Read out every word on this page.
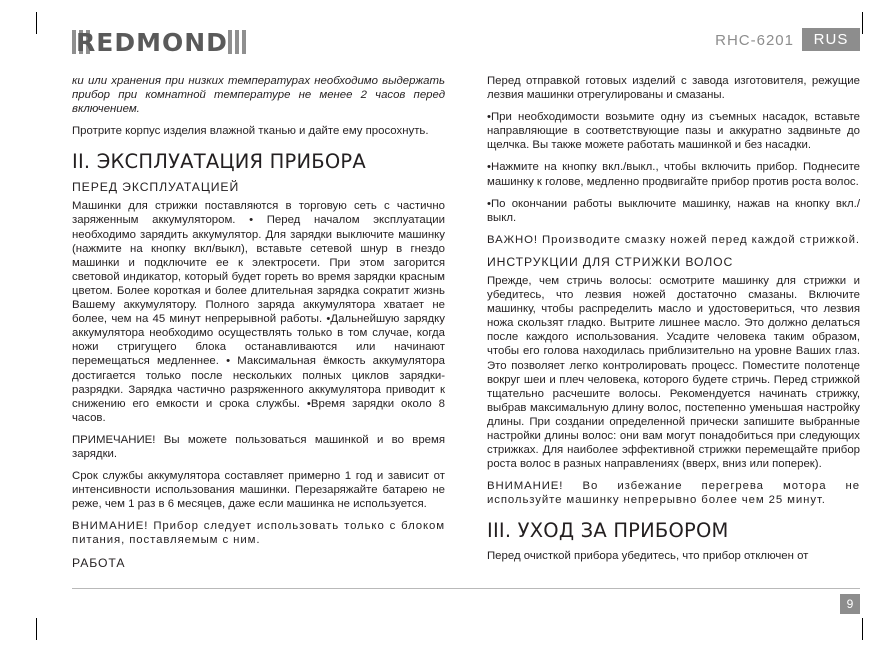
REDMOND	RHC-6201	RUS

ки или хранения при низких температурах необходимо выдержать прибор при комнатной температуре не менее 2 часов перед включением.

Протрите корпус изделия влажной тканью и дайте ему просохнуть.

II. ЭКСПЛУАТАЦИЯ ПРИБОРА
ПЕРЕД ЭКСПЛУАТАЦИЕЙ

Машинки для стрижки поставляются в торговую сеть с частично заряженным аккумулятором. • Перед началом эксплуатации необходимо зарядить аккумулятор. Для зарядки выключите машинку (нажмите на кнопку вкл/выкл), вставьте сетевой шнур в гнездо машинки и подключите ее к электросети. При этом загорится световой индикатор, который будет гореть во время зарядки красным цветом. Более короткая и более длительная зарядка сократит жизнь Вашему аккумулятору. Полного заряда аккумулятора хватает не более, чем на 45 минут непрерывной работы. •Дальнейшую зарядку аккумулятора необходимо осуществлять только в том случае, когда ножи стригущего блока останавливаются или начинают перемещаться медленнее. • Максимальная ёмкость аккумулятора достигается только после нескольких полных циклов зарядки-разрядки. Зарядка частично разряженного аккумулятора приводит к снижению его емкости и срока службы. •Время зарядки около 8 часов.

ПРИМЕЧАНИЕ! Вы можете пользоваться машинкой и во время зарядки.

Срок службы аккумулятора составляет примерно 1 год и зависит от интенсивности использования машинки. Перезаряжайте батарею не реже, чем 1 раз в 6 месяцев, даже если машинка не используется.

ВНИМАНИЕ! Прибор следует использовать только с блоком питания, поставляемым с ним.

РАБОТА

Перед отправкой готовых изделий с завода изготовителя, режущие лезвия машинки отрегулированы и смазаны.

•При необходимости возьмите одну из съемных насадок, вставьте направляющие в соответствующие пазы и аккуратно задвиньте до щелчка. Вы также можете работать машинкой и без насадки.

•Нажмите на кнопку вкл./выкл., чтобы включить прибор. Поднесите машинку к голове, медленно продвигайте прибор против роста волос.

•По окончании работы выключите машинку, нажав на кнопку вкл./выкл.

ВАЖНО! Производите смазку ножей перед каждой стрижкой.

ИНСТРУКЦИИ ДЛЯ СТРИЖКИ ВОЛОС

Прежде, чем стричь волосы: осмотрите машинку для стрижки и убедитесь, что лезвия ножей достаточно смазаны. Включите машинку, чтобы распределить масло и удостовериться, что лезвия ножа скользят гладко. Вытрите лишнее масло. Это должно делаться после каждого использования. Усадите человека таким образом, чтобы его голова находилась приблизительно на уровне Ваших глаз. Это позволяет легко контролировать процесс. Поместите полотенце вокруг шеи и плеч человека, которого будете стричь. Перед стрижкой тщательно расчешите волосы. Рекомендуется начинать стрижку, выбрав максимальную длину волос, постепенно уменьшая настройку длины. При создании определенной прически запишите выбранные настройки длины волос: они вам могут понадобиться при следующих стрижках. Для наиболее эффективной стрижки перемещайте прибор роста волос в разных направлениях (вверх, вниз или поперек).

ВНИМАНИЕ! Во избежание перегрева мотора не используйте машинку непрерывно более чем 25 минут.

III. УХОД ЗА ПРИБОРОМ

Перед очисткой прибора убедитесь, что прибор отключен от

9
